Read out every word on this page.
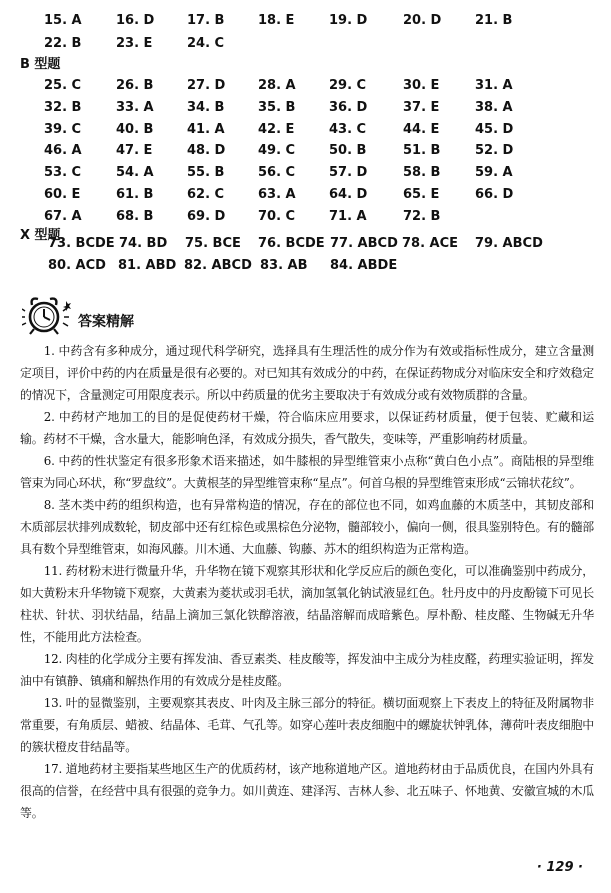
15. A	16. D	17. B	18. E	19. D	20. D	21. B
22. B	23. E	24. C
B 型题
25. C	26. B	27. D	28. A	29. C	30. E	31. A
32. B	33. A	34. B	35. B	36. D	37. E	38. A
39. C	40. B	41. A	42. E	43. C	44. E	45. D
46. A	47. E	48. D	49. C	50. B	51. B	52. D
53. C	54. A	55. B	56. C	57. D	58. B	59. A
60. E	61. B	62. C	63. A	64. D	65. E	66. D
67. A	68. B	69. D	70. C	71. A	72. B
X 型题
73. BCDE 74. BD 75. BCE 76. BCDE 77. ABCD 78. ACE 79. ABCD
80. ACD 81. ABD 82. ABCD 83. AB 84. ABDE
答案精解

1. 中药含有多种成分，通过现代科学研究，选择具有生理活性的成分作为有效或指标性成分，建立含量测定项目，评价中药的内在质量是很有必要的。对已知其有效成分的中药，在保证药物成分对临床安全和疗效稳定的情况下，含量测定可用限度表示。所以中药质量的优劣主要取决于有效成分或有效物质群的含量。

2. 中药材产地加工的目的是促使药材干燥，符合临床应用要求，以保证药材质量，便于包装、贮藏和运输。药材不干燥，含水量大，能影响色泽，有效成分损失，香气散失，变味等，严重影响药材质量。

6. 中药的性状鉴定有很多形象术语来描述，如牛膝根的异型维管束小点称“黄白色小点”。商陆根的异型维管束为同心环状，称“罗盘纹”。大黄根茎的异型维管束称“星点”。何首乌根的异型维管束形成“云锦状花纹”。

8. 茎木类中药的组织构造，也有异常构造的情况，存在的部位也不同，如鸡血藤的木质茎中，其韧皮部和木质部层状排列成数轮，韧皮部中还有红棕色或黑棕色分泌物，髓部较小，偏向一侧，很具鉴别特色。有的髓部具有数个异型维管束，如海风藤。川木通、大血藤、钩藤、苏木的组织构造为正常构造。

11. 药材粉末进行微量升华，升华物在镜下观察其形状和化学反应后的颜色变化，可以准确鉴别中药成分，如大黄粉末升华物镜下观察，大黄素为菱状或羽毛状，滴加氢氧化钠试液显红色。牡丹皮中的丹皮酚镜下可见长柱状、针状、羽状结晶，结晶上滴加三氯化铁醇溶液，结晶溶解而成暗紫色。厚朴酚、桂皮醛、生物碱无升华性，不能用此方法检查。

12. 肉桂的化学成分主要有挥发油、香豆素类、桂皮酸等，挥发油中主成分为桂皮醛，药理实验证明，挥发油中有镇静、镇痛和解热作用的有效成分是桂皮醛。

13. 叶的显微鉴别，主要观察其表皮、叶肉及主脉三部分的特征。横切面观察上下表皮上的特征及附属物非常重要，有角质层、蜡被、结晶体、毛茸、气孔等。如穿心莲叶表皮细胞中的螺旋状钟乳体，薄荷叶表皮细胞中的簇状橙皮苷结晶等。

17. 道地药材主要指某些地区生产的优质药材，该产地称道地产区。道地药材由于品质优良，在国内外具有很高的信誉，在经营中具有很强的竞争力。如川黄连、建泽泻、吉林人参、北五味子、怀地黄、安徽宣城的木瓜等。

· 129 ·
